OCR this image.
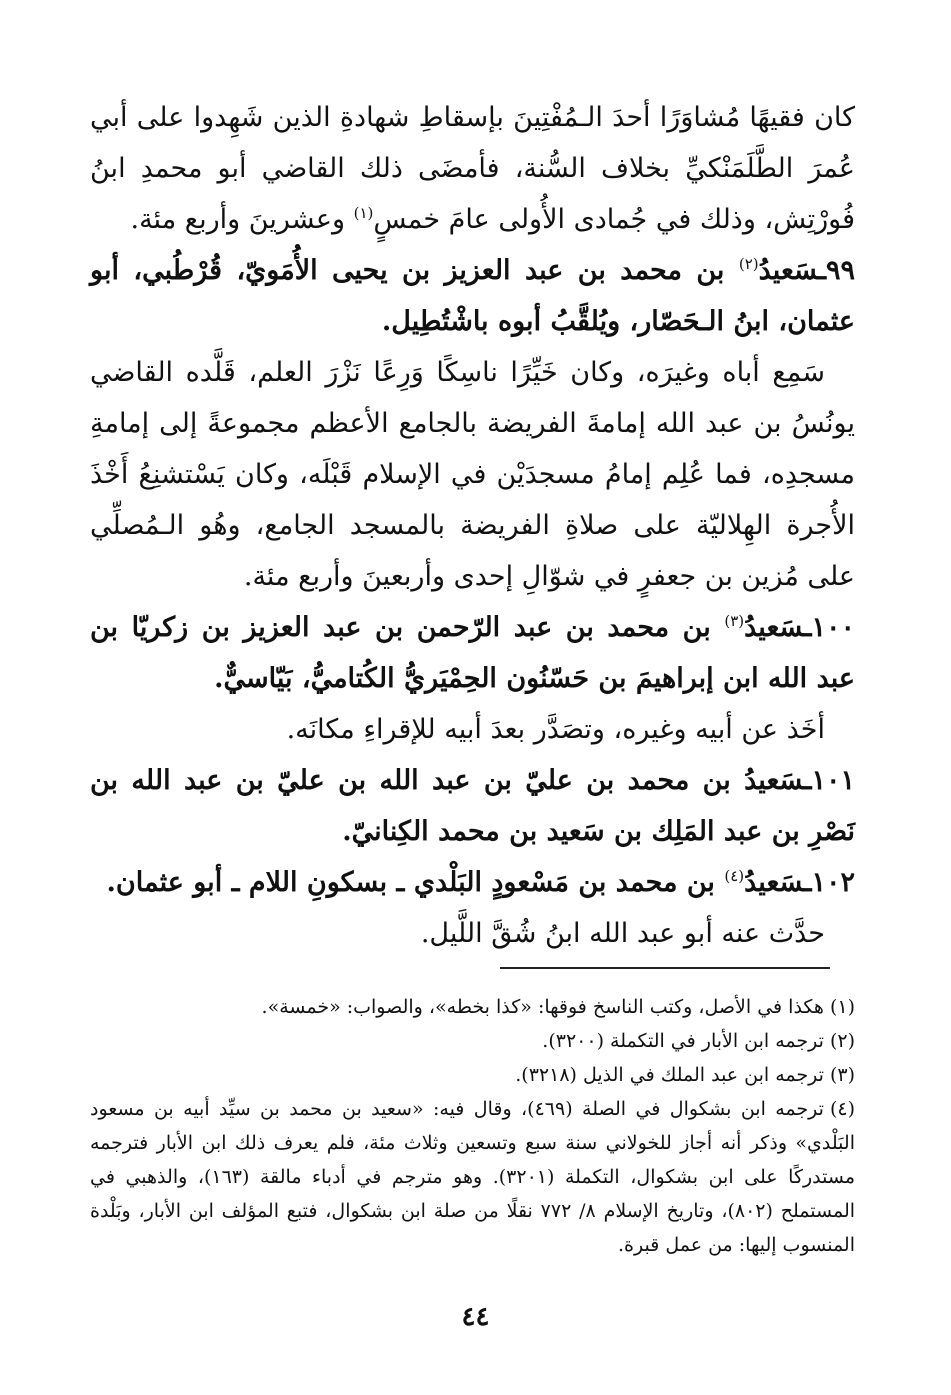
كان فقيهًا مُشاوَرًا أحدَ الـمُفْتِينَ بإسقاطِ شهادةِ الذين شَهِدوا على أبي عُمرَ الطَّلَمَنْكيِّ بخلاف السُّنة، فأمضَى ذلك القاضي أبو محمدِ ابنُ فُورْتِش، وذلك في جُمادى الأُولى عامَ خمسٍ$^{(١)}$ وعشرينَ وأربع مئة.

٩٩ـسَعيدُ$^{(٢)}$ بن محمد بن عبد العزيز بن يحيى الأُمَويّ، قُرْطُبي، أبو عثمان، ابنُ الـحَصّار، ويُلقَّبُ أبوه باشْتُطِيل.

سَمِع أباه وغيرَه، وكان خَيِّرًا ناسِكًا وَرِعًا نَزْرَ العلم، قَلَّده القاضي يونُسُ بن عبد الله إمامةَ الفريضة بالجامع الأعظم مجموعةً إلى إمامةِ مسجدِه، فما عُلِم إمامُ مسجدَيْن في الإسلام قَبْلَه، وكان يَسْتشنِعُ أَخْذَ الأُجرة الهِلاليّة على صلاةِ الفريضة بالمسجد الجامع، وهُو الـمُصلِّي على مُزين بن جعفرٍ في شوّالِ إحدى وأربعينَ وأربع مئة.

١٠٠ـسَعيدُ$^{(٣)}$ بن محمد بن عبد الرّحمن بن عبد العزيز بن زكريّا بن عبد الله ابن إبراهيمَ بن حَسّنُون الحِمْيَريُّ الكُتاميُّ، بَيّاسيٌّ.

أخَذ عن أبيه وغيره، وتصَدَّر بعدَ أبيه للإقراءِ مكانَه.

١٠١ـسَعيدُ بن محمد بن عليّ بن عبد الله بن عليّ بن عبد الله بن نَصْرِ بن عبد المَلِك بن سَعيد بن محمد الكِنانيّ.

١٠٢ـسَعيدُ$^{(٤)}$ بن محمد بن مَسْعودٍ البَلْدي ـ بسكونِ اللام ـ أبو عثمان.

حدَّث عنه أبو عبد الله ابنُ شُقَّ اللَّيل.

(١)هكذا في الأصل، وكتب الناسخ فوقها: «كذا بخطه»، والصواب: «خمسة».

(٢)ترجمه ابن الأبار في التكملة (٣٢٠٠).

(٣)ترجمه ابن عبد الملك في الذيل (٣٢١٨).

(٤)ترجمه ابن بشكوال في الصلة (٤٦٩)، وقال فيه: «سعيد بن محمد بن سيِّد أبيه بن مسعود البَلْدي» وذكر أنه أجاز للخولاني سنة سبع وتسعين وثلاث مئة، فلم يعرف ذلك ابن الأبار فترجمه مستدركًا على ابن بشكوال، التكملة (٣٢٠١). وهو مترجم في أدباء مالقة (١٦٣)، والذهبي في المستملح (٨٠٢)، وتاريخ الإسلام ٨/ ٧٧٢ نقلًا من صلة ابن بشكوال، فتبع المؤلف ابن الأبار، وبَلْدة المنسوب إليها: من عمل قبرة.

٤٤
